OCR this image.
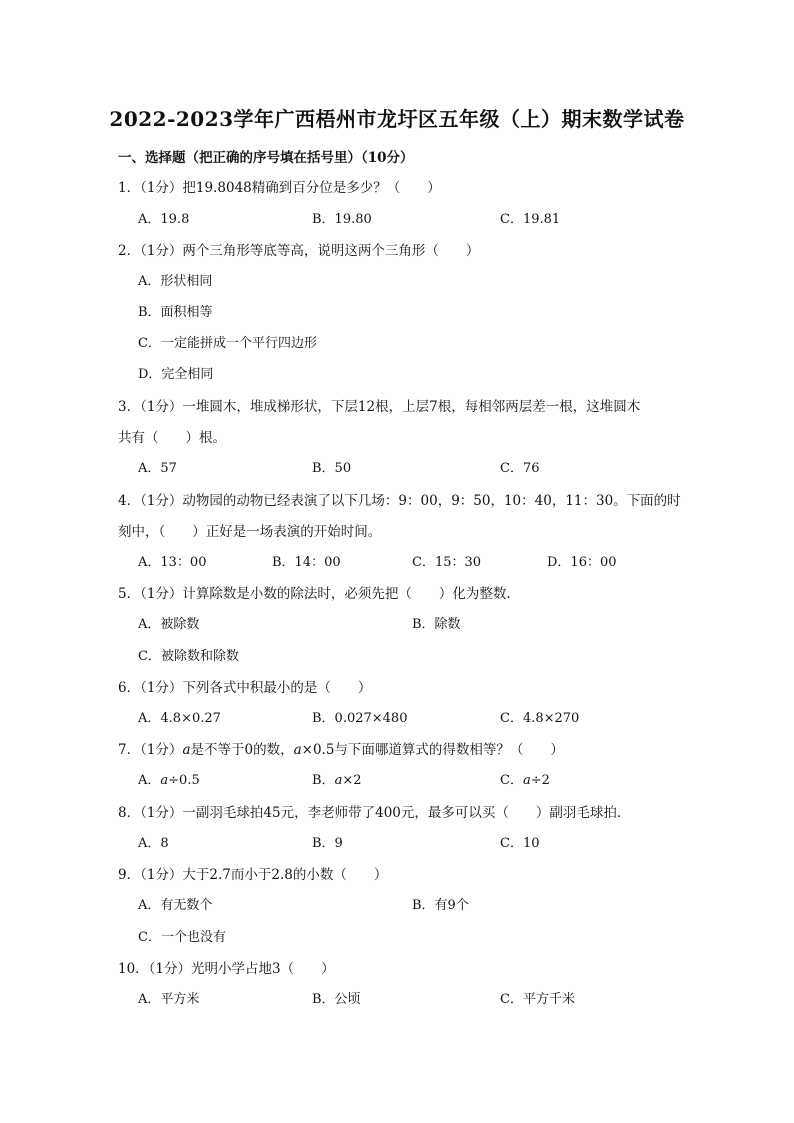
2022-2023学年广西梧州市龙圩区五年级（上）期末数学试卷
一、选择题（把正确的序号填在括号里）（10分）
1．（1分）把19.8048精确到百分位是多少？（　　）
A．19.8	B．19.80	C．19.81
2．（1分）两个三角形等底等高，说明这两个三角形（　　）
A．形状相同
B．面积相等
C．一定能拼成一个平行四边形
D．完全相同
3．（1分）一堆圆木，堆成梯形状，下层12根，上层7根，每相邻两层差一根，这堆圆木
共有（　　）根。
A．57	B．50	C．76
4．（1分）动物园的动物已经表演了以下几场：9：00，9：50，10：40，11：30。下面的时
刻中，（　　）正好是一场表演的开始时间。
A．13：00	B．14：00	C．15：30	D．16：00
5．（1分）计算除数是小数的除法时，必须先把（　　）化为整数．
A．被除数	B．除数
C．被除数和除数
6．（1分）下列各式中积最小的是（　　）
A．4.8×0.27	B．0.027×480	C．4.8×270
7．（1分）a是不等于0的数，a×0.5与下面哪道算式的得数相等？（　　）
A．a÷0.5	B．a×2	C．a÷2
8．（1分）一副羽毛球拍45元，李老师带了400元，最多可以买（　　）副羽毛球拍．
A．8	B．9	C．10
9．（1分）大于2.7而小于2.8的小数（　　）
A．有无数个	B．有9个
C．一个也没有
10．（1分）光明小学占地3（　　）
A．平方米	B．公顷	C．平方千米
